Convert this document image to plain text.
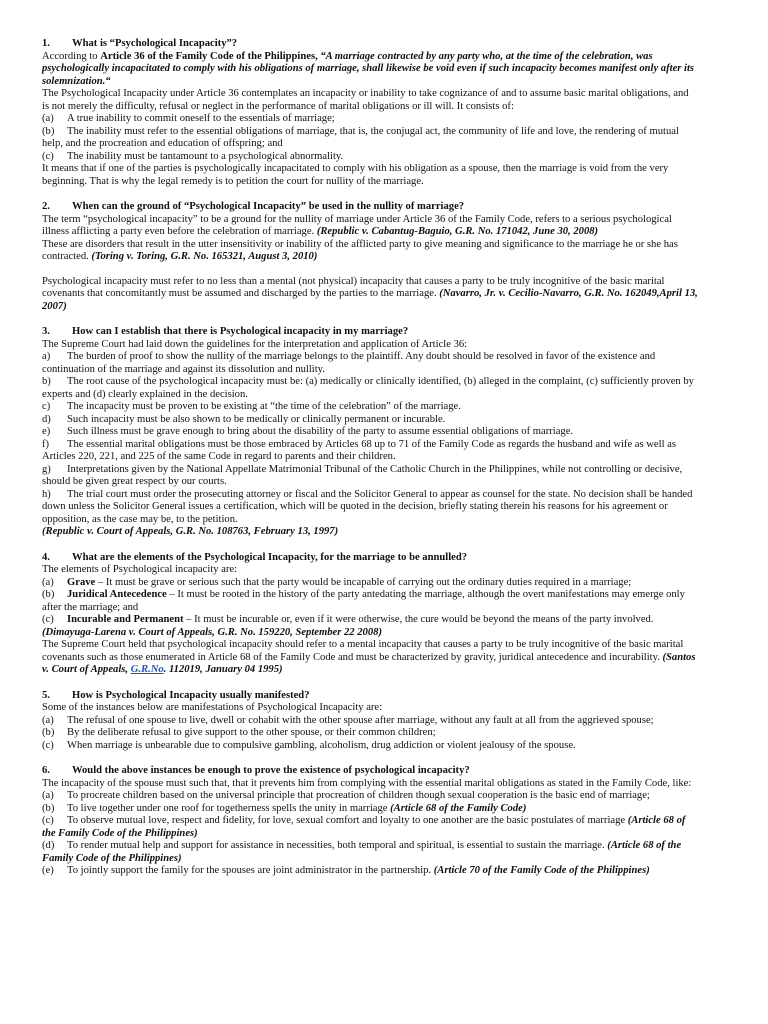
1. What is “Psychological Incapacity”?

According to Article 36 of the Family Code of the Philippines, “A marriage contracted by any party who, at the time of the celebration, was psychologically incapacitated to comply with his obligations of marriage, shall likewise be void even if such incapacity becomes manifest only after its solemnization.“

The Psychological Incapacity under Article 36 contemplates an incapacity or inability to take cognizance of and to assume basic marital obligations, and is not merely the difficulty, refusal or neglect in the performance of marital obligations or ill will. It consists of:

(a) A true inability to commit oneself to the essentials of marriage;
(b) The inability must refer to the essential obligations of marriage, that is, the conjugal act, the community of life and love, the rendering of mutual help, and the procreation and education of offspring; and
(c) The inability must be tantamount to a psychological abnormality.

It means that if one of the parties is psychologically incapacitated to comply with his obligation as a spouse, then the marriage is void from the very beginning. That is why the legal remedy is to petition the court for nullity of the marriage.

2. When can the ground of “Psychological Incapacity” be used in the nullity of marriage?

The term “psychological incapacity” to be a ground for the nullity of marriage under Article 36 of the Family Code, refers to a serious psychological illness afflicting a party even before the celebration of marriage. (Republic v. Cabantug-Baguio, G.R. No. 171042, June 30, 2008)

These are disorders that result in the utter insensitivity or inability of the afflicted party to give meaning and significance to the marriage he or she has contracted. (Toring v. Toring, G.R. No. 165321, August 3, 2010)

Psychological incapacity must refer to no less than a mental (not physical) incapacity that causes a party to be truly incognitive of the basic marital covenants that concomitantly must be assumed and discharged by the parties to the marriage. (Navarro, Jr. v. Cecilio-Navarro, G.R. No. 162049,April 13, 2007)

3. How can I establish that there is Psychological incapacity in my marriage?

The Supreme Court had laid down the guidelines for the interpretation and application of Article 36:

a) The burden of proof to show the nullity of the marriage belongs to the plaintiff. Any doubt should be resolved in favor of the existence and continuation of the marriage and against its dissolution and nullity.
b) The root cause of the psychological incapacity must be: (a) medically or clinically identified, (b) alleged in the complaint, (c) sufficiently proven by experts and (d) clearly explained in the decision.
c) The incapacity must be proven to be existing at “the time of the celebration” of the marriage.
d) Such incapacity must be also shown to be medically or clinically permanent or incurable.
e) Such illness must be grave enough to bring about the disability of the party to assume essential obligations of marriage.
f) The essential marital obligations must be those embraced by Articles 68 up to 71 of the Family Code as regards the husband and wife as well as Articles 220, 221, and 225 of the same Code in regard to parents and their children.
g) Interpretations given by the National Appellate Matrimonial Tribunal of the Catholic Church in the Philippines, while not controlling or decisive, should be given great respect by our courts.
h) The trial court must order the prosecuting attorney or fiscal and the Solicitor General to appear as counsel for the state. No decision shall be handed down unless the Solicitor General issues a certification, which will be quoted in the decision, briefly stating therein his reasons for his agreement or opposition, as the case may be, to the petition.

(Republic v. Court of Appeals, G.R. No. 108763, February 13, 1997)

4. What are the elements of the Psychological Incapacity, for the marriage to be annulled?

The elements of Psychological incapacity are:

(a) Grave – It must be grave or serious such that the party would be incapable of carrying out the ordinary duties required in a marriage;
(b) Juridical Antecedence – It must be rooted in the history of the party antedating the marriage, although the overt manifestations may emerge only after the marriage; and
(c) Incurable and Permanent – It must be incurable or, even if it were otherwise, the cure would be beyond the means of the party involved. (Dimayuga-Larena v. Court of Appeals, G.R. No. 159220, September 22 2008)

The Supreme Court held that psychological incapacity should refer to a mental incapacity that causes a party to be truly incognitive of the basic marital covenants such as those enumerated in Article 68 of the Family Code and must be characterized by gravity, juridical antecedence and incurability. (Santos v. Court of Appeals, G.R.No. 112019, January 04 1995)

5. How is Psychological Incapacity usually manifested?

Some of the instances below are manifestations of Psychological Incapacity are:

(a) The refusal of one spouse to live, dwell or cohabit with the other spouse after marriage, without any fault at all from the aggrieved spouse;
(b) By the deliberate refusal to give support to the other spouse, or their common children;
(c) When marriage is unbearable due to compulsive gambling, alcoholism, drug addiction or violent jealousy of the spouse.
6. Would the above instances be enough to prove the existence of psychological incapacity?

The incapacity of the spouse must such that, that it prevents him from complying with the essential marital obligations as stated in the Family Code, like:

(a) To procreate children based on the universal principle that procreation of children though sexual cooperation is the basic end of marriage;
(b) To live together under one roof for togetherness spells the unity in marriage (Article 68 of the Family Code)
(c) To observe mutual love, respect and fidelity, for love, sexual comfort and loyalty to one another are the basic postulates of marriage (Article 68 of the Family Code of the Philippines)
(d) To render mutual help and support for assistance in necessities, both temporal and spiritual, is essential to sustain the marriage. (Article 68 of the Family Code of the Philippines)
(e) To jointly support the family for the spouses are joint administrator in the partnership. (Article 70 of the Family Code of the Philippines)
